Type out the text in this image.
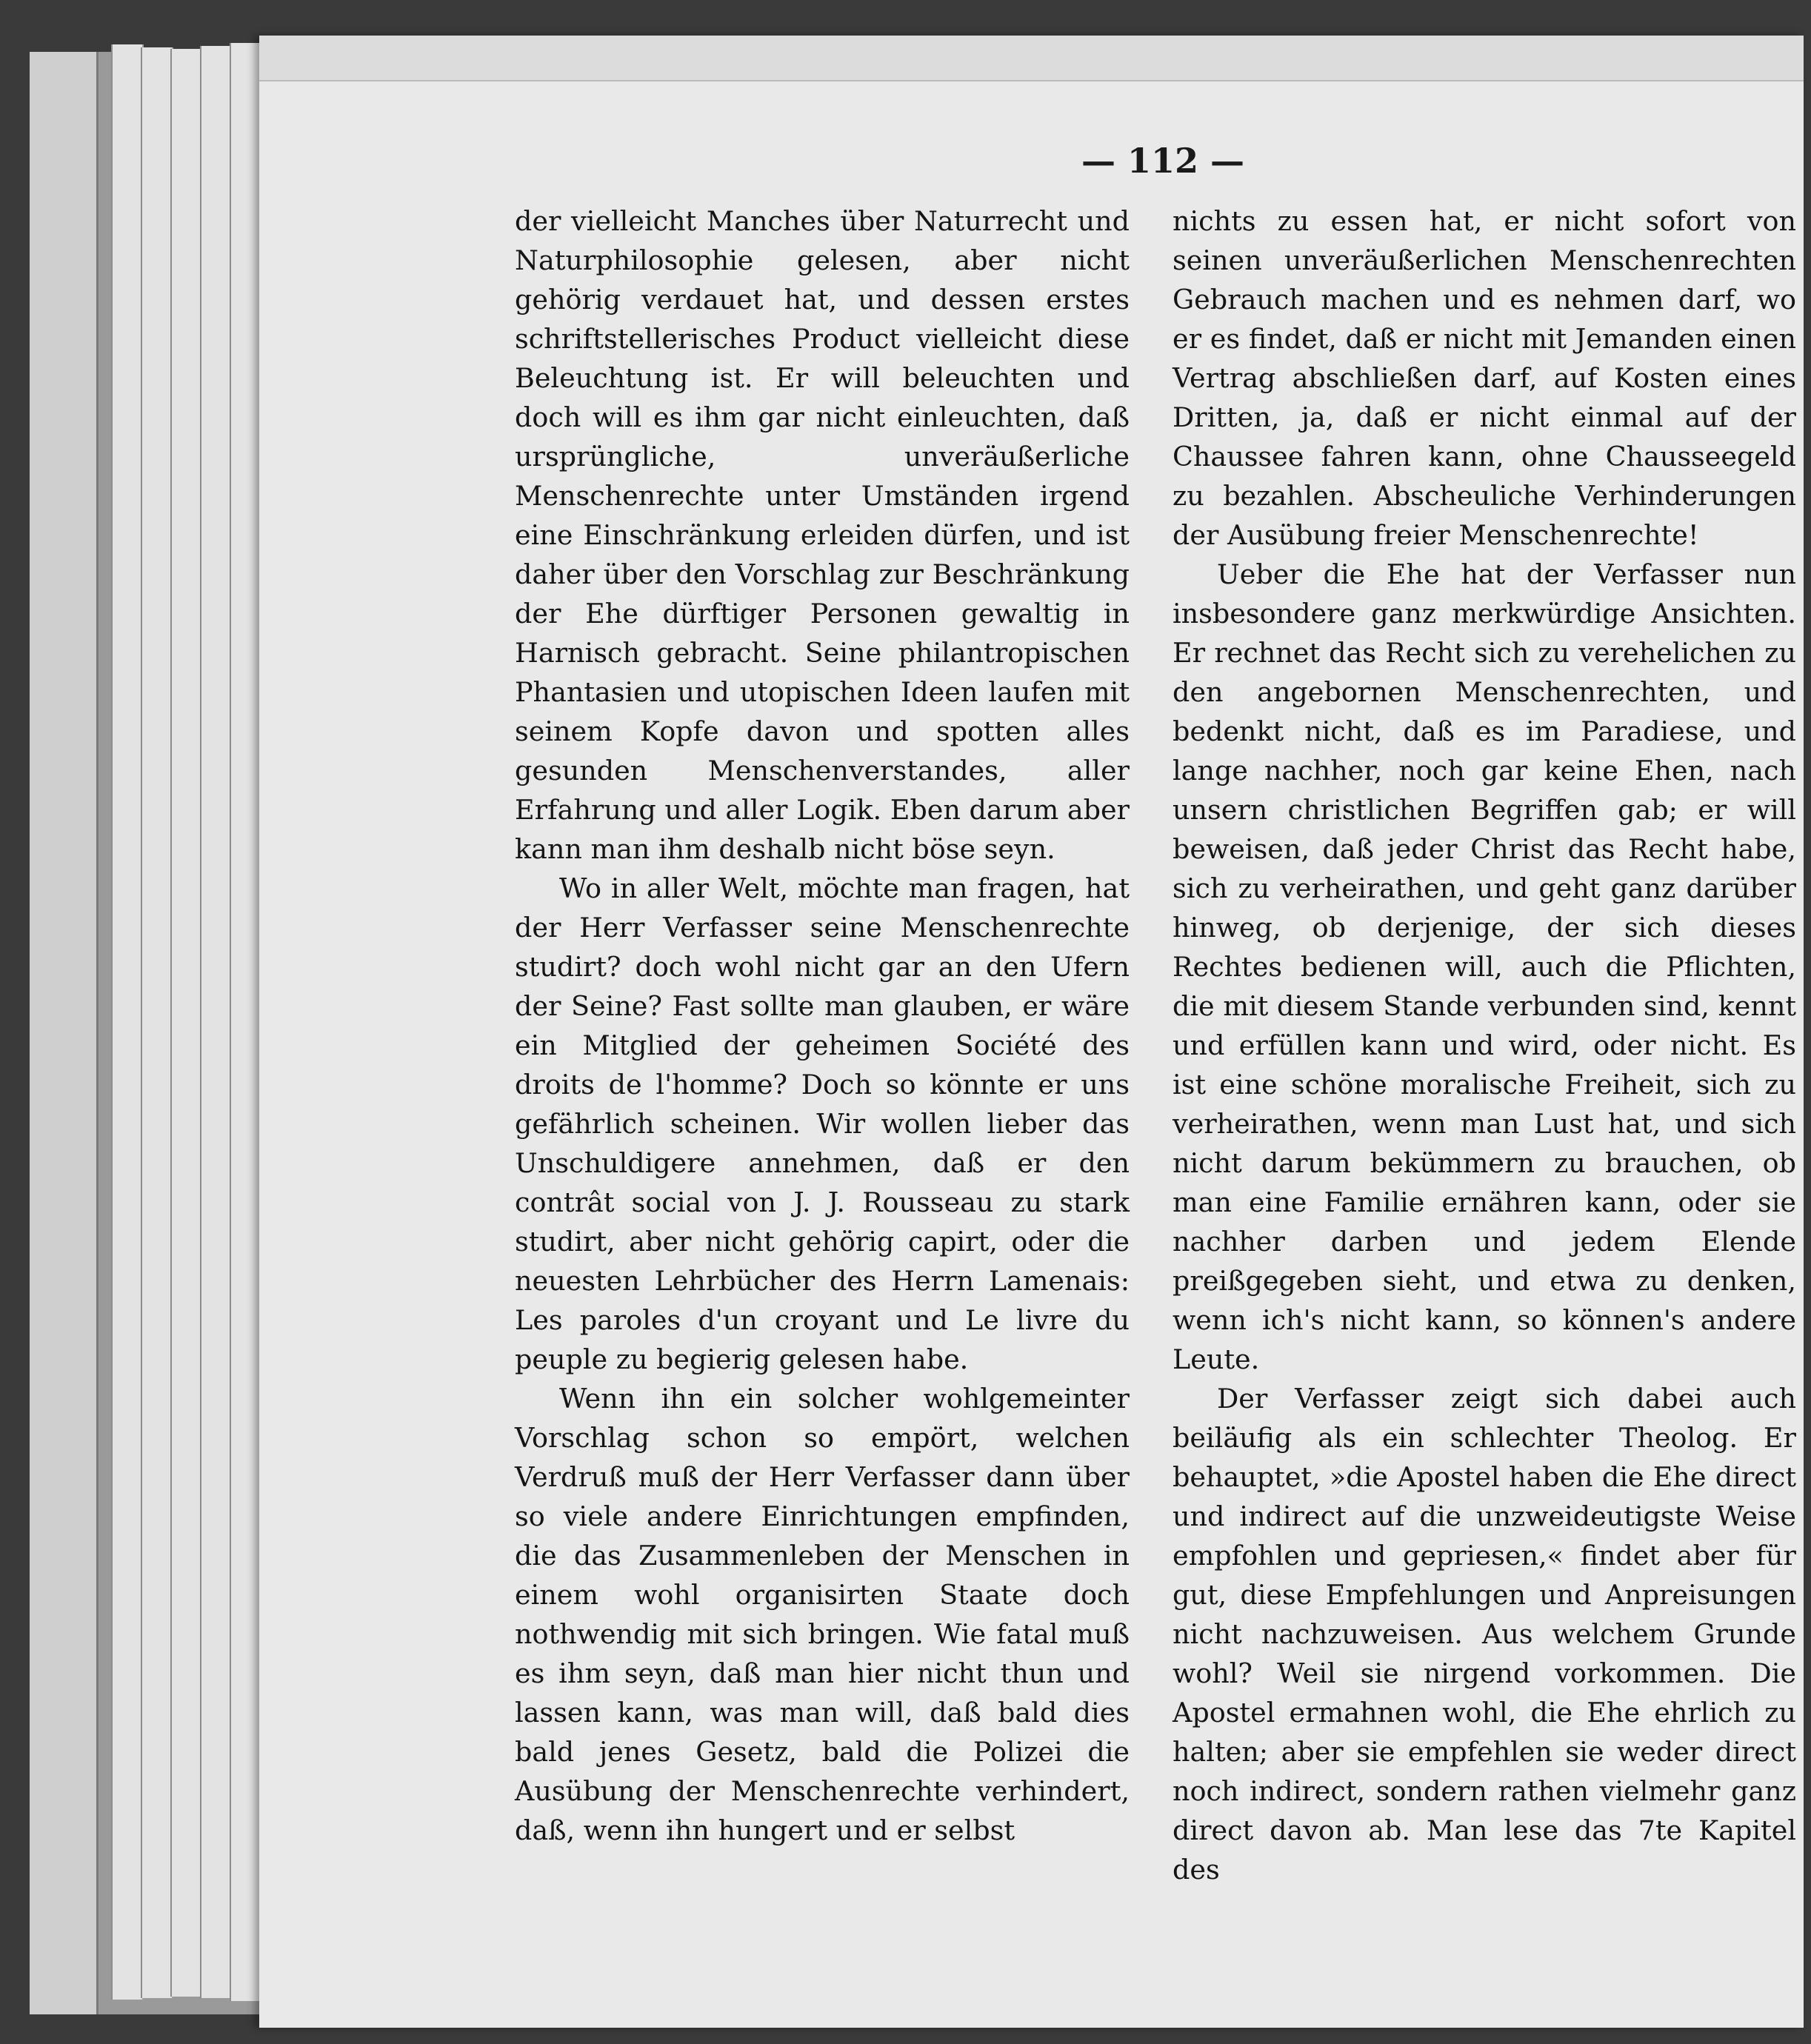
— 112 —

der vielleicht Manches über Naturrecht und Naturphilosophie gelesen, aber nicht gehörig verdauet hat, und dessen erstes schriftstellerisches Product vielleicht diese Beleuchtung ist. Er will beleuchten und doch will es ihm gar nicht einleuchten, daß ursprüngliche, unveräußerliche Menschenrechte unter Umständen irgend eine Einschränkung erleiden dürfen, und ist daher über den Vorschlag zur Beschränkung der Ehe dürftiger Personen gewaltig in Harnisch gebracht. Seine philantropischen Phantasien und utopischen Ideen laufen mit seinem Kopfe davon und spotten alles gesunden Menschenverstandes, aller Erfahrung und aller Logik. Eben darum aber kann man ihm deshalb nicht böse seyn.

Wo in aller Welt, möchte man fragen, hat der Herr Verfasser seine Menschenrechte studirt? doch wohl nicht gar an den Ufern der Seine? Fast sollte man glauben, er wäre ein Mitglied der geheimen Société des droits de l'homme? Doch so könnte er uns gefährlich scheinen. Wir wollen lieber das Unschuldigere annehmen, daß er den contrât social von J. J. Rousseau zu stark studirt, aber nicht gehörig capirt, oder die neuesten Lehrbücher des Herrn Lamenais: Les paroles d'un croyant und Le livre du peuple zu begierig gelesen habe.

Wenn ihn ein solcher wohlgemeinter Vorschlag schon so empört, welchen Verdruß muß der Herr Verfasser dann über so viele andere Einrichtungen empfinden, die das Zusammenleben der Menschen in einem wohl organisirten Staate doch nothwendig mit sich bringen. Wie fatal muß es ihm seyn, daß man hier nicht thun und lassen kann, was man will, daß bald dies bald jenes Gesetz, bald die Polizei die Ausübung der Menschenrechte verhindert, daß, wenn ihn hungert und er selbst

nichts zu essen hat, er nicht sofort von seinen unveräußerlichen Menschenrechten Gebrauch machen und es nehmen darf, wo er es findet, daß er nicht mit Jemanden einen Vertrag abschließen darf, auf Kosten eines Dritten, ja, daß er nicht einmal auf der Chaussee fahren kann, ohne Chausseegeld zu bezahlen. Abscheuliche Verhinderungen der Ausübung freier Menschenrechte!

Ueber die Ehe hat der Verfasser nun insbesondere ganz merkwürdige Ansichten. Er rechnet das Recht sich zu verehelichen zu den angebornen Menschenrechten, und bedenkt nicht, daß es im Paradiese, und lange nachher, noch gar keine Ehen, nach unsern christlichen Begriffen gab; er will beweisen, daß jeder Christ das Recht habe, sich zu verheirathen, und geht ganz darüber hinweg, ob derjenige, der sich dieses Rechtes bedienen will, auch die Pflichten, die mit diesem Stande verbunden sind, kennt und erfüllen kann und wird, oder nicht. Es ist eine schöne moralische Freiheit, sich zu verheirathen, wenn man Lust hat, und sich nicht darum bekümmern zu brauchen, ob man eine Familie ernähren kann, oder sie nachher darben und jedem Elende preißgegeben sieht, und etwa zu denken, wenn ich's nicht kann, so können's andere Leute.

Der Verfasser zeigt sich dabei auch beiläufig als ein schlechter Theolog. Er behauptet, »die Apostel haben die Ehe direct und indirect auf die unzweideutigste Weise empfohlen und gepriesen,« findet aber für gut, diese Empfehlungen und Anpreisungen nicht nachzuweisen. Aus welchem Grunde wohl? Weil sie nirgend vorkommen. Die Apostel ermahnen wohl, die Ehe ehrlich zu halten; aber sie empfehlen sie weder direct noch indirect, sondern rathen vielmehr ganz direct davon ab. Man lese das 7te Kapitel des
